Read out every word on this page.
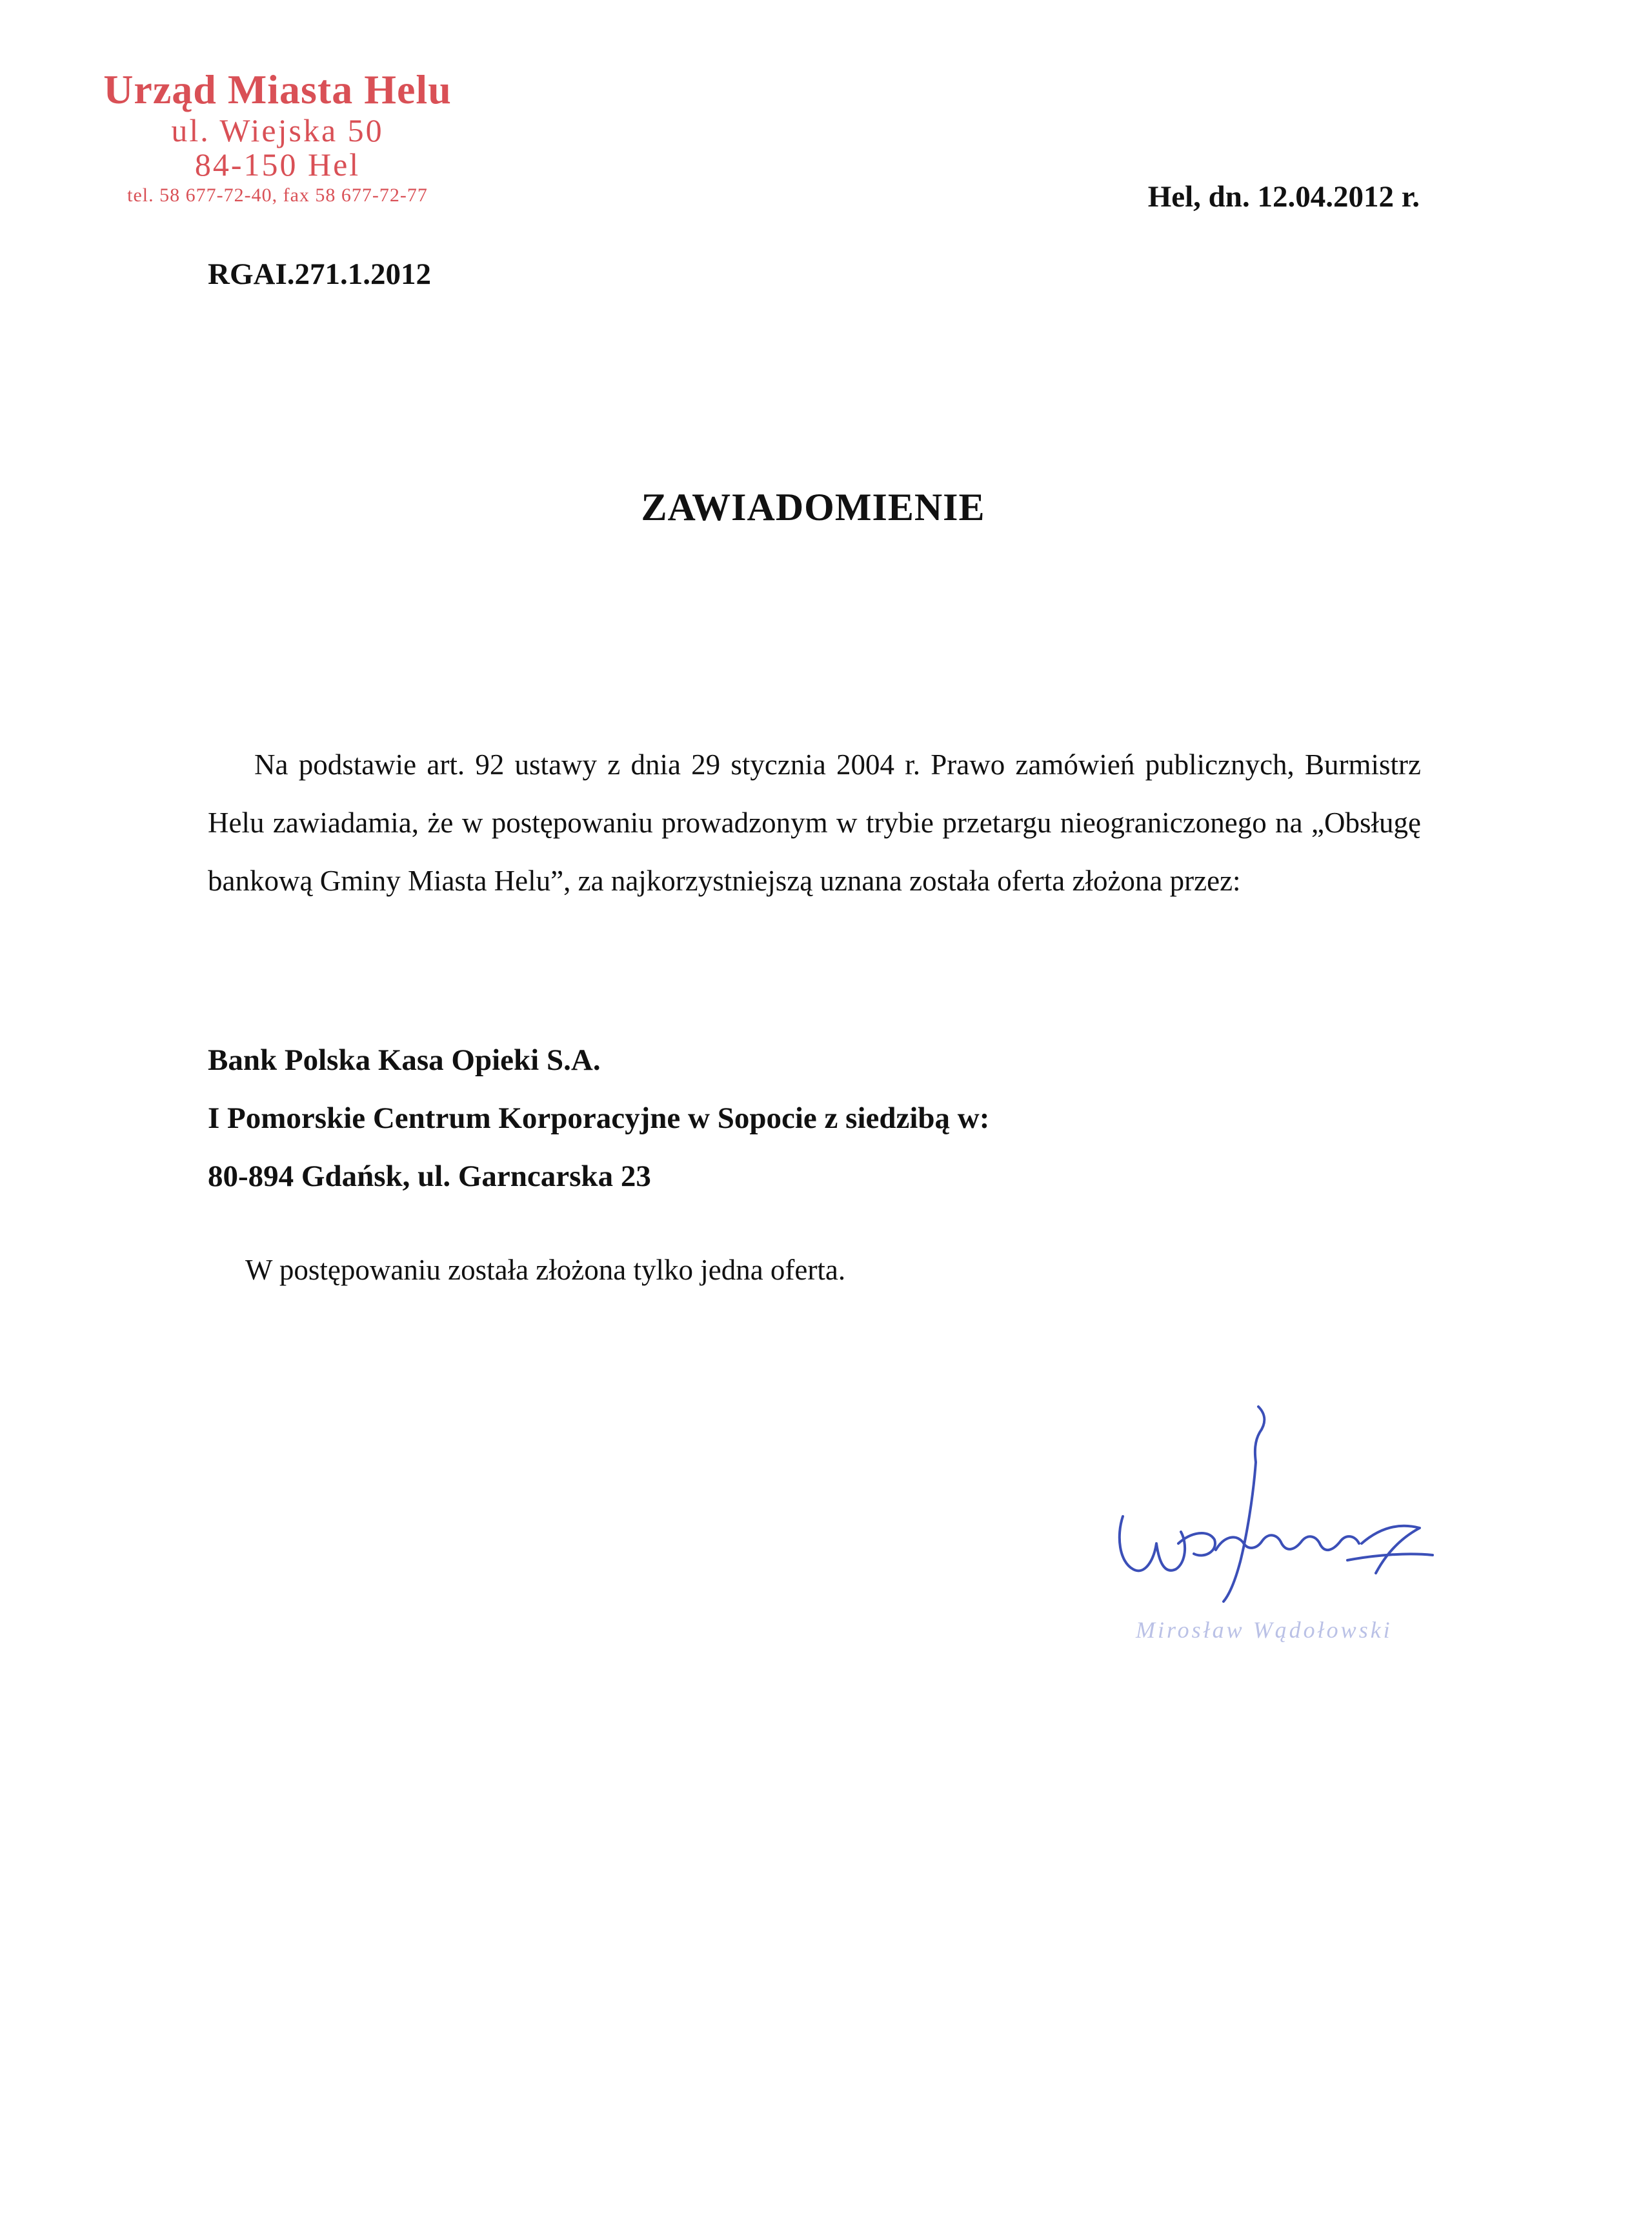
Urząd Miasta Helu
ul. Wiejska 50
84-150 Hel
tel. 58 677-72-40, fax 58 677-72-77	Hel, dn. 12.04.2012 r.
RGAI.271.1.2012
ZAWIADOMIENIE

Na podstawie art. 92 ustawy z dnia 29 stycznia 2004 r. Prawo zamówień publicznych, Burmistrz Helu zawiadamia, że w postępowaniu prowadzonym w trybie przetargu nieograniczonego na „Obsługę bankową Gminy Miasta Helu”, za najkorzystniejszą uznana została oferta złożona przez:

Bank Polska Kasa Opieki S.A.
I Pomorskie Centrum Korporacyjne w Sopocie z siedzibą w:
80-894 Gdańsk, ul. Garncarska 23

W postępowaniu została złożona tylko jedna oferta.

Mirosław Wądołowski
